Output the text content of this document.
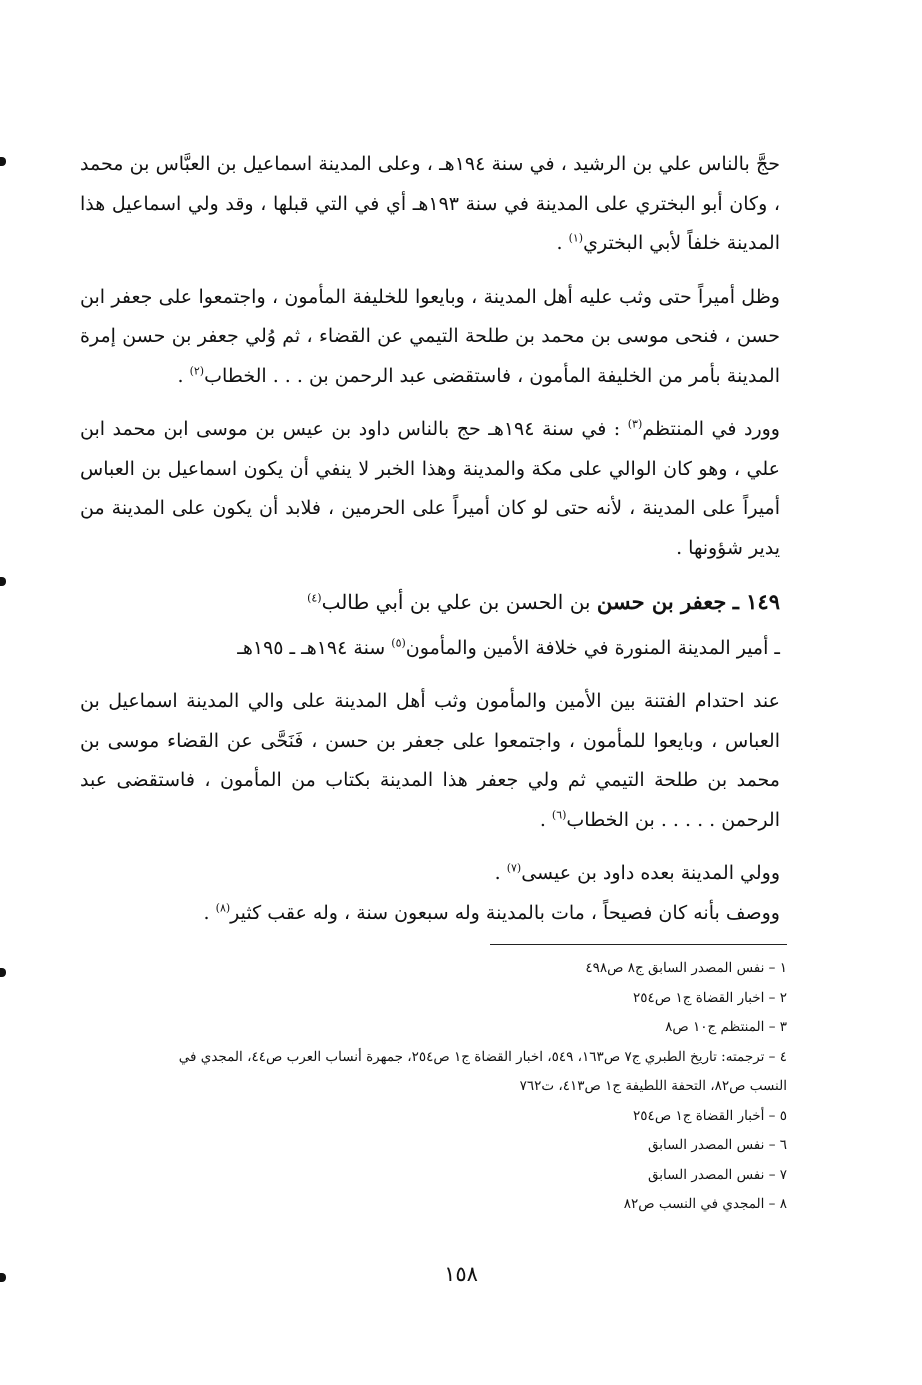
حجَّ بالناس علي بن الرشيد ، في سنة ١٩٤هـ ، وعلى المدينة اسماعيل بن العبَّاس بن محمد ، وكان أبو البختري على المدينة في سنة ١٩٣هـ أي في التي قبلها ، وقد ولي اسماعيل هذا المدينة خلفاً لأبي البختري$^{(١)}$ .

وظل أميراً حتى وثب عليه أهل المدينة ، وبايعوا للخليفة المأمون ، واجتمعوا على جعفر ابن حسن ، فنحى موسى بن محمد بن طلحة التيمي عن القضاء ، ثم وُلي جعفر بن حسن إمرة المدينة بأمر من الخليفة المأمون ، فاستقضى عبد الرحمن بن . . . الخطاب$^{(٢)}$ .

وورد في المنتظم$^{(٣)}$ : في سنة ١٩٤هـ حج بالناس داود بن عيس بن موسى ابن محمد ابن علي ، وهو كان الوالي على مكة والمدينة وهذا الخبر لا ينفي أن يكون اسماعيل بن العباس أميراً على المدينة ، لأنه حتى لو كان أميراً على الحرمين ، فلابد أن يكون على المدينة من يدير شؤونها .

١٤٩ ـ جعفر بن حسن بن الحسن بن علي بن أبي طالب$^{(٤)}$

ـ أمير المدينة المنورة في خلافة الأمين والمأمون$^{(٥)}$ سنة ١٩٤هـ ـ ١٩٥هـ

عند احتدام الفتنة بين الأمين والمأمون وثب أهل المدينة على والي المدينة اسماعيل بن العباس ، وبايعوا للمأمون ، واجتمعوا على جعفر بن حسن ، فَنَحَّى عن القضاء موسى بن محمد بن طلحة التيمي ثم ولي جعفر هذا المدينة بكتاب من المأمون ، فاستقضى عبد الرحمن . . . . . بن الخطاب$^{(٦)}$ .

وولي المدينة بعده داود بن عيسى$^{(٧)}$ .

ووصف بأنه كان فصيحاً ، مات بالمدينة وله سبعون سنة ، وله عقب كثير$^{(٨)}$ .

١ – نفس المصدر السابق ج٨ ص٤٩٨

٢ – اخبار القضاة ج١ ص٢٥٤

٣ – المنتظم ج١٠ ص٨

٤ – ترجمته: تاريخ الطبري ج٧ ص١٦٣، ٥٤٩، اخبار القضاة ج١ ص٢٥٤، جمهرة أنساب العرب ص٤٤، المجدي في

النسب ص٨٢، التحفة اللطيفة ج١ ص٤١٣، ت٧٦٢

٥ – أخبار القضاة ج١ ص٢٥٤

٦ – نفس المصدر السابق

٧ – نفس المصدر السابق

٨ – المجدي في النسب ص٨٢

١٥٨
